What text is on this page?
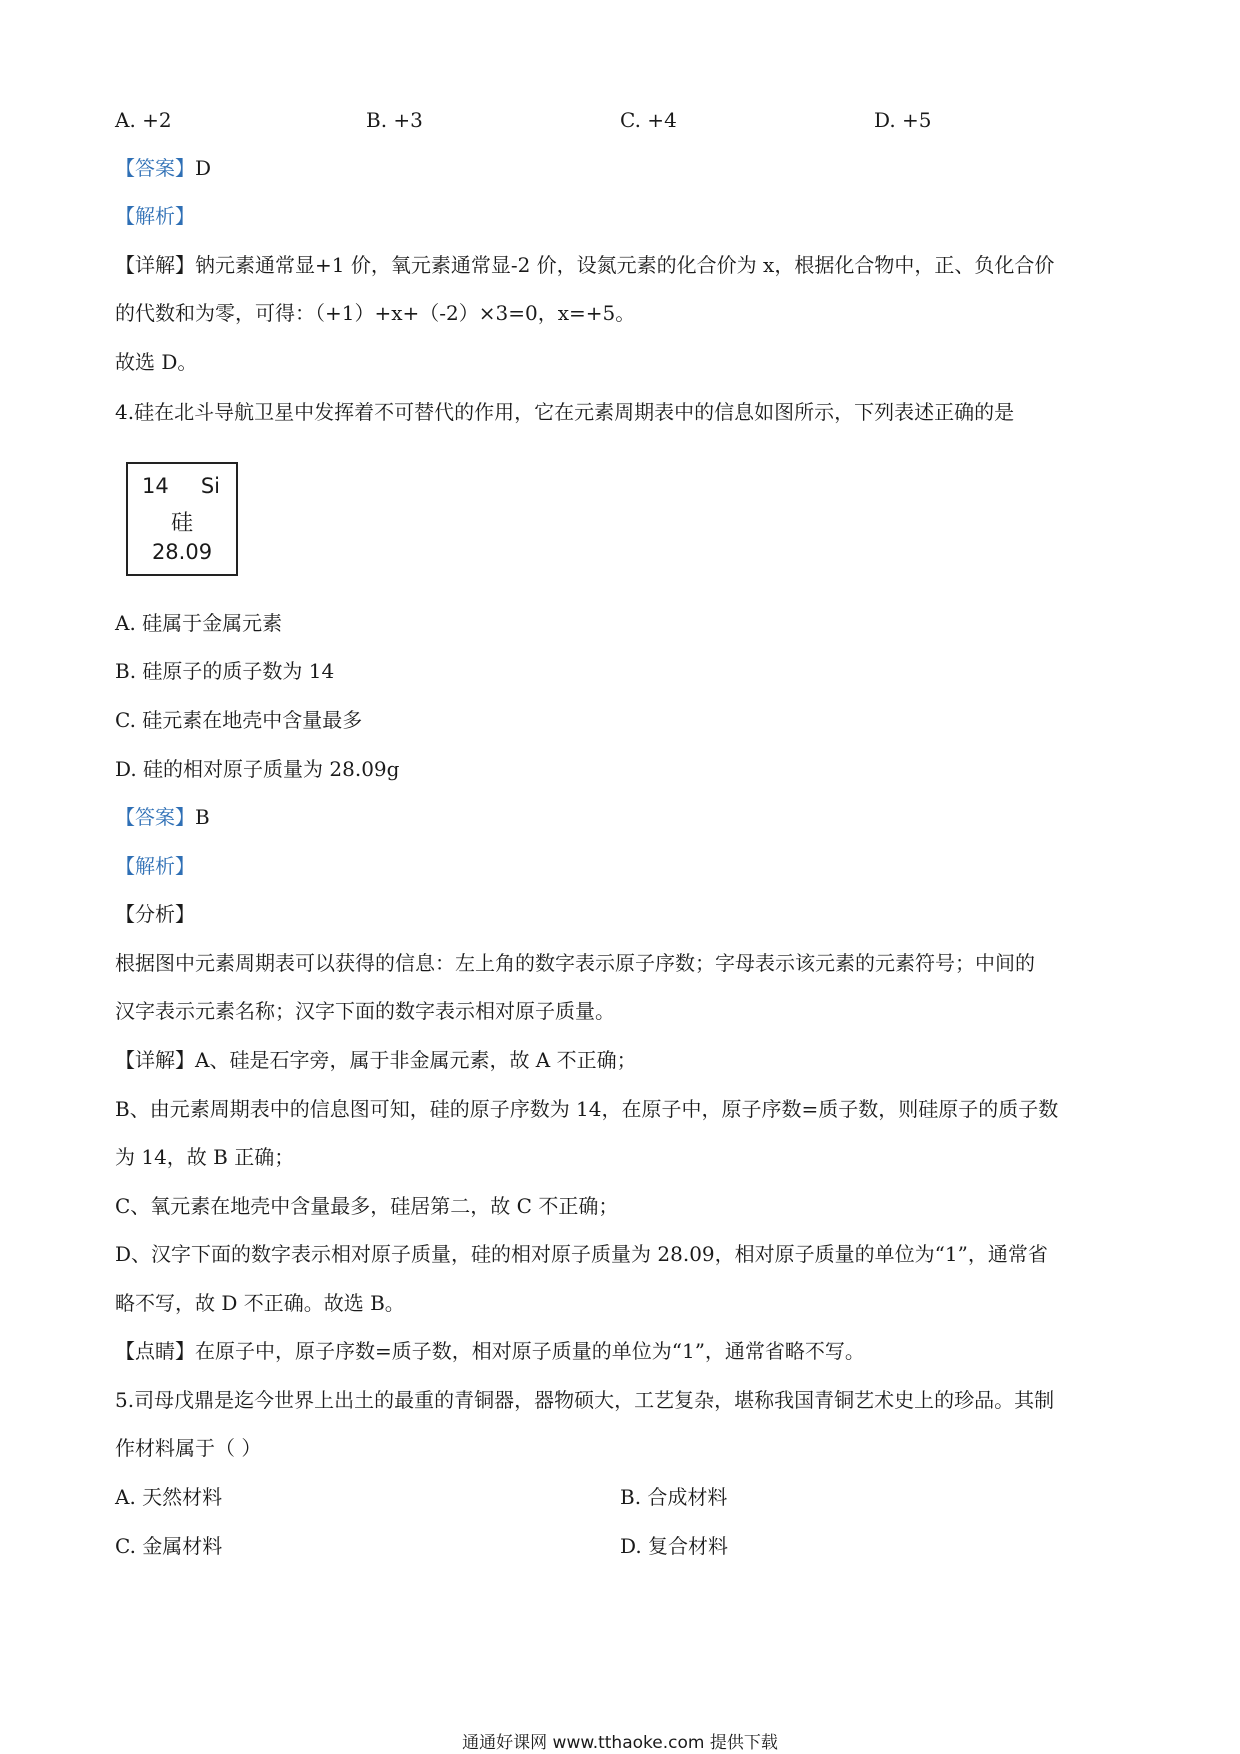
A. +2	B. +3	C. +4	D. +5
【答案】D
【解析】
【详解】钠元素通常显+1 价，氧元素通常显-2 价，设氮元素的化合价为 x，根据化合物中，正、负化合价
的代数和为零，可得：（+1）+x+（-2）×3=0，x=+5。
故选 D。
4.硅在北斗导航卫星中发挥着不可替代的作用，它在元素周期表中的信息如图所示，下列表述正确的是
14 Si
硅
28.09
A. 硅属于金属元素
B. 硅原子的质子数为 14
C. 硅元素在地壳中含量最多
D. 硅的相对原子质量为 28.09g
【答案】B
【解析】
【分析】
根据图中元素周期表可以获得的信息：左上角的数字表示原子序数；字母表示该元素的元素符号；中间的
汉字表示元素名称；汉字下面的数字表示相对原子质量。
【详解】A、硅是石字旁，属于非金属元素，故 A 不正确；
B、由元素周期表中的信息图可知，硅的原子序数为 14，在原子中，原子序数=质子数，则硅原子的质子数
为 14，故 B 正确；
C、氧元素在地壳中含量最多，硅居第二，故 C 不正确；
D、汉字下面的数字表示相对原子质量，硅的相对原子质量为 28.09，相对原子质量的单位为“1”，通常省
略不写，故 D 不正确。故选 B。
【点睛】在原子中，原子序数=质子数，相对原子质量的单位为“1”，通常省略不写。
5.司母戊鼎是迄今世界上出土的最重的青铜器，器物硕大，工艺复杂，堪称我国青铜艺术史上的珍品。其制
作材料属于（ ）
A. 天然材料	B. 合成材料
C. 金属材料	D. 复合材料
通通好课网 www.tthaoke.com 提供下载
